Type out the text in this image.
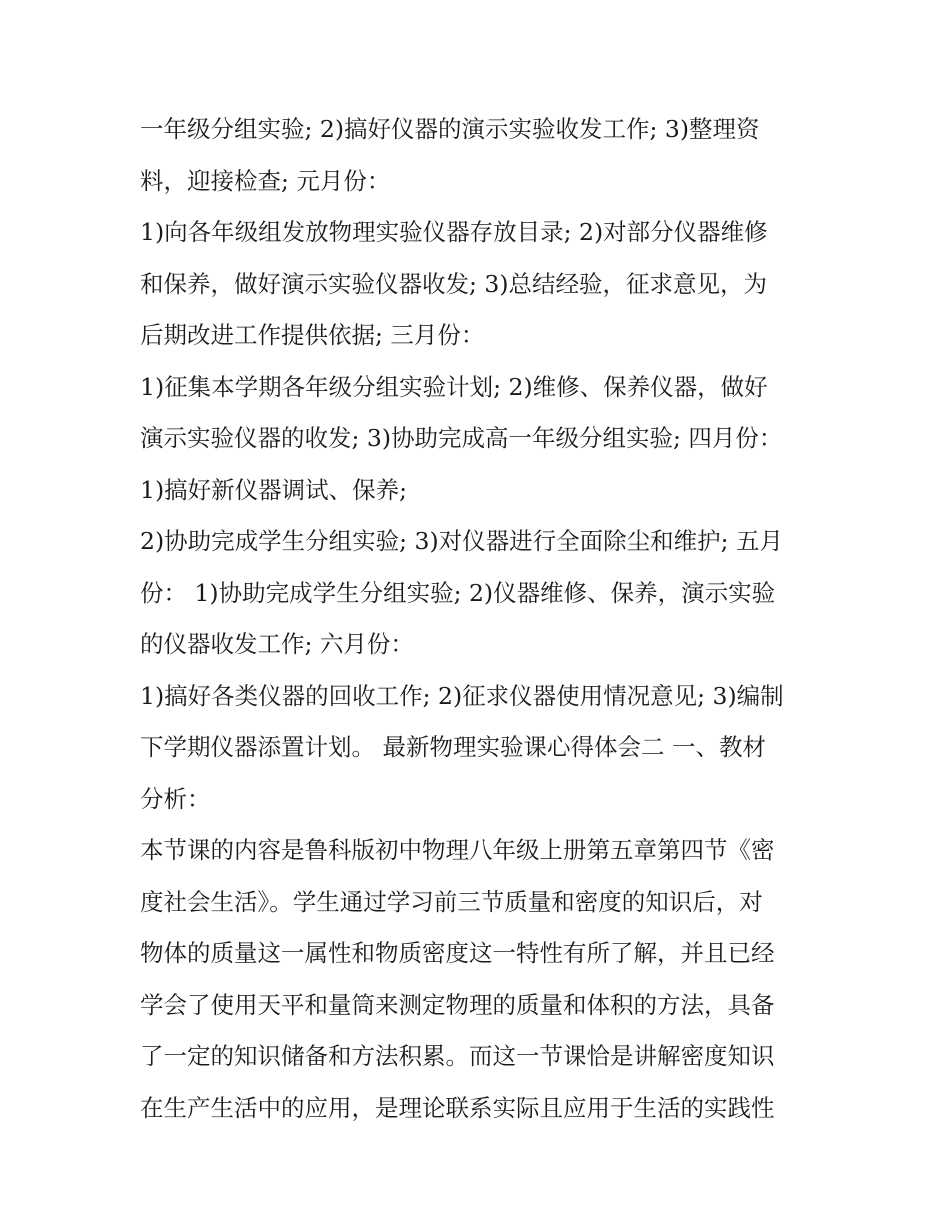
一年级分组实验; 2)搞好仪器的演示实验收发工作; 3)整理资
料，迎接检查; 元月份：
1)向各年级组发放物理实验仪器存放目录; 2)对部分仪器维修
和保养，做好演示实验仪器收发; 3)总结经验，征求意见，为
后期改进工作提供依据; 三月份：
1)征集本学期各年级分组实验计划; 2)维修、保养仪器，做好
演示实验仪器的收发; 3)协助完成高一年级分组实验; 四月份：
1)搞好新仪器调试、保养;
2)协助完成学生分组实验; 3)对仪器进行全面除尘和维护; 五月
份： 1)协助完成学生分组实验; 2)仪器维修、保养，演示实验
的仪器收发工作; 六月份：
1)搞好各类仪器的回收工作; 2)征求仪器使用情况意见; 3)编制
下学期仪器添置计划。 最新物理实验课心得体会二 一、教材
分析：
本节课的内容是鲁科版初中物理八年级上册第五章第四节《密
度社会生活》。学生通过学习前三节质量和密度的知识后，对
物体的质量这一属性和物质密度这一特性有所了解，并且已经
学会了使用天平和量筒来测定物理的质量和体积的方法，具备
了一定的知识储备和方法积累。而这一节课恰是讲解密度知识
在生产生活中的应用，是理论联系实际且应用于生活的实践性
